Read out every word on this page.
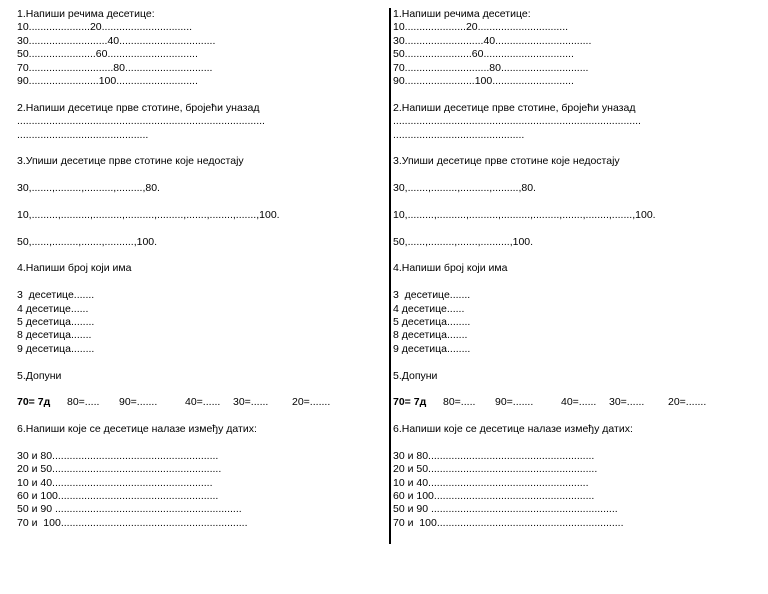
1.Напиши речима десетице:
10.....................20...............................
30...........................40.................................
50.......................60...............................
70.............................80..............................
90........................100............................
2.Напиши десетице прве стотине, бројећи уназад
.....................................................................................
.............................................
3.Упиши десетице прве стотине које недостају
30,.......,.........,..........,.........,80.
10,.........,..........,..........,..........,.........,.......,........,.......,100.
50,......,.........,.......,..........,100.
4.Напиши број који има
3  десетице.......
4 десетице......
5 десетица........
8 десетица.......
9 десетица........
5.Допуни
70= 7д	80=.....	90=.......	40=......	30=......	20=.......
6.Напиши које се десетице налазе између датих:
30 и 80.........................................................
20 и 50..........................................................
10 и 40.......................................................
60 и 100.......................................................
50 и 90 ................................................................
70 и  100................................................................
1.Напиши речима десетице:
10.....................20...............................
30...........................40.................................
50.......................60...............................
70.............................80..............................
90........................100............................
2.Напиши десетице прве стотине, бројећи уназад
.....................................................................................
.............................................
3.Упиши десетице прве стотине које недостају
30,.......,.........,..........,.........,80.
10,.........,..........,..........,..........,.........,.......,........,.......,100.
50,......,.........,.......,..........,100.
4.Напиши број који има
3  десетице.......
4 десетице......
5 десетица........
8 десетица.......
9 десетица........
5.Допуни
70= 7д	80=.....	90=.......	40=......	30=......	20=.......
6.Напиши које се десетице налазе између датих:
30 и 80.........................................................
20 и 50..........................................................
10 и 40.......................................................
60 и 100.......................................................
50 и 90 ................................................................
70 и  100................................................................
